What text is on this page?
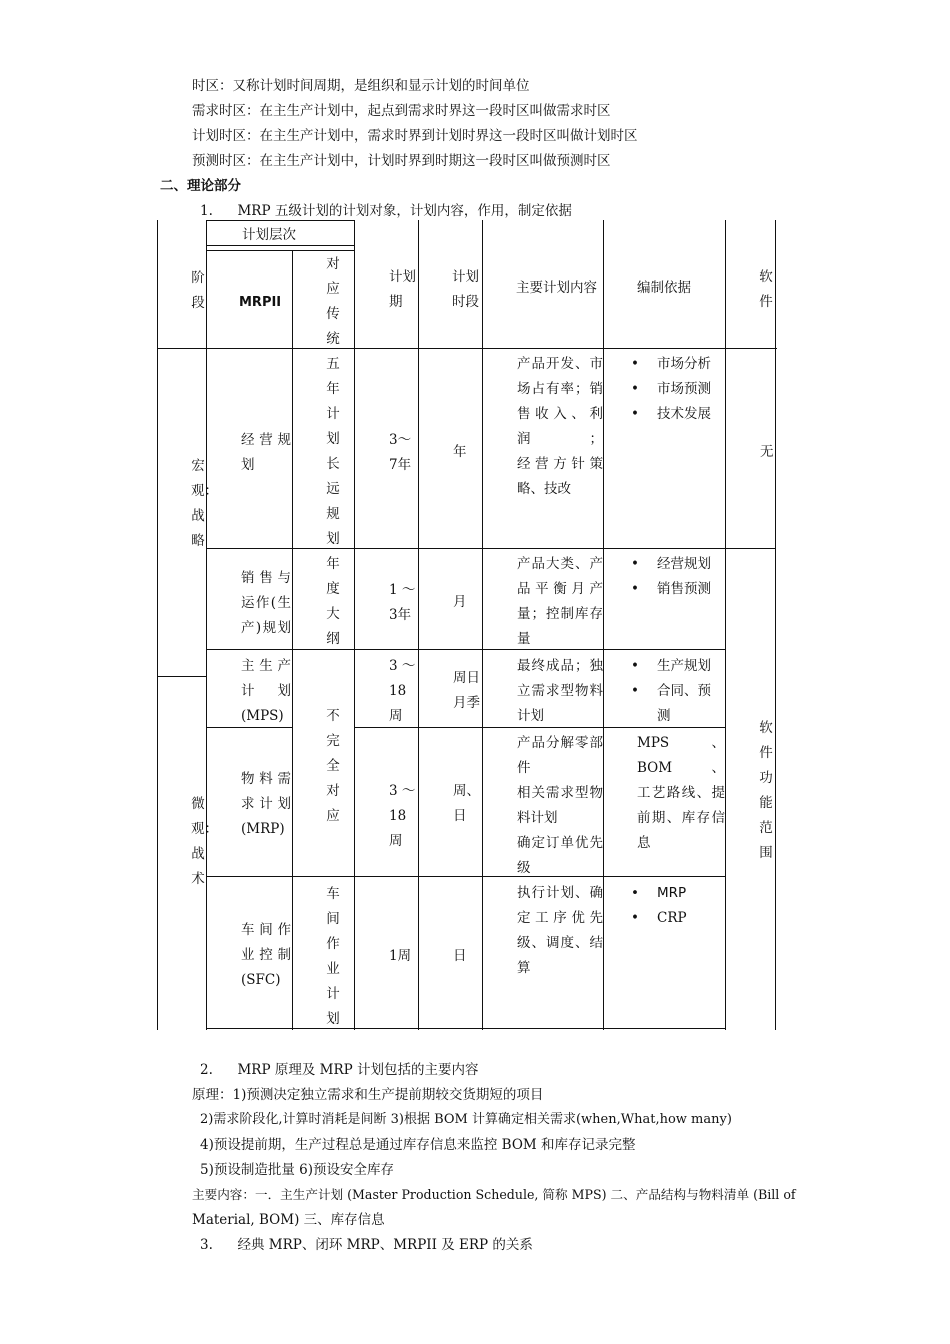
时区：又称计划时间周期，是组织和显示计划的时间单位
需求时区：在主生产计划中，起点到需求时界这一段时区叫做需求时区
计划时区：在主生产计划中，需求时界到计划时界这一段时区叫做计划时区
预测时区：在主生产计划中，计划时界到时期这一段时区叫做预测时区
二、理论部分
1. MRP 五级计划的计划对象，计划内容，作用，制定依据
阶段
计划层次
MRPII
对应传统
计划期
计划时段
主要计划内容	编制依据
软件
宏观：战略
微观：战术
无
软件功能范围
经营规划
五年计划长远规划
3～7年
年
产品开发、市
场占有率；销
售收入、利润；
经营方针策
略、技改
• 市场分析
• 市场预测
• 技术发展
销售与运作(生产)规划
年度大纲
1 ～ 3年
月
产品大类、产
品平衡月产
量；控制库存
量
• 经营规划
• 销售预测
不完全对应
主生产计划(MPS)
3 ～ 18周
周日月季
最终成品；独
立需求型物料
计划
• 生产规划
• 合同、预
测
物料需求计划(MRP)
3 ～ 18周
周、日
产品分解零部
件
相关需求型物
料计划
确定订单优先
级
MPS、BOM、
工艺路线、提
前期、库存信
息
车间作业控制(SFC)
车间作业计划
1周	日
执行计划、确
定工序优先
级、调度、结
算
• MRP
• CRP
2. MRP 原理及 MRP 计划包括的主要内容
原理：1)预测决定独立需求和生产提前期较交货期短的项目
2)需求阶段化,计算时消耗是间断 3)根据 BOM 计算确定相关需求(when,What,how many)
4)预设提前期，生产过程总是通过库存信息来监控 BOM 和库存记录完整
5)预设制造批量 6)预设安全库存
主要内容：一．主生产计划 (Master Production Schedule, 简称 MPS) 二、产品结构与物料清单 (Bill of
Material, BOM) 三、库存信息
3. 经典 MRP、闭环 MRP、MRPII 及 ERP 的关系
